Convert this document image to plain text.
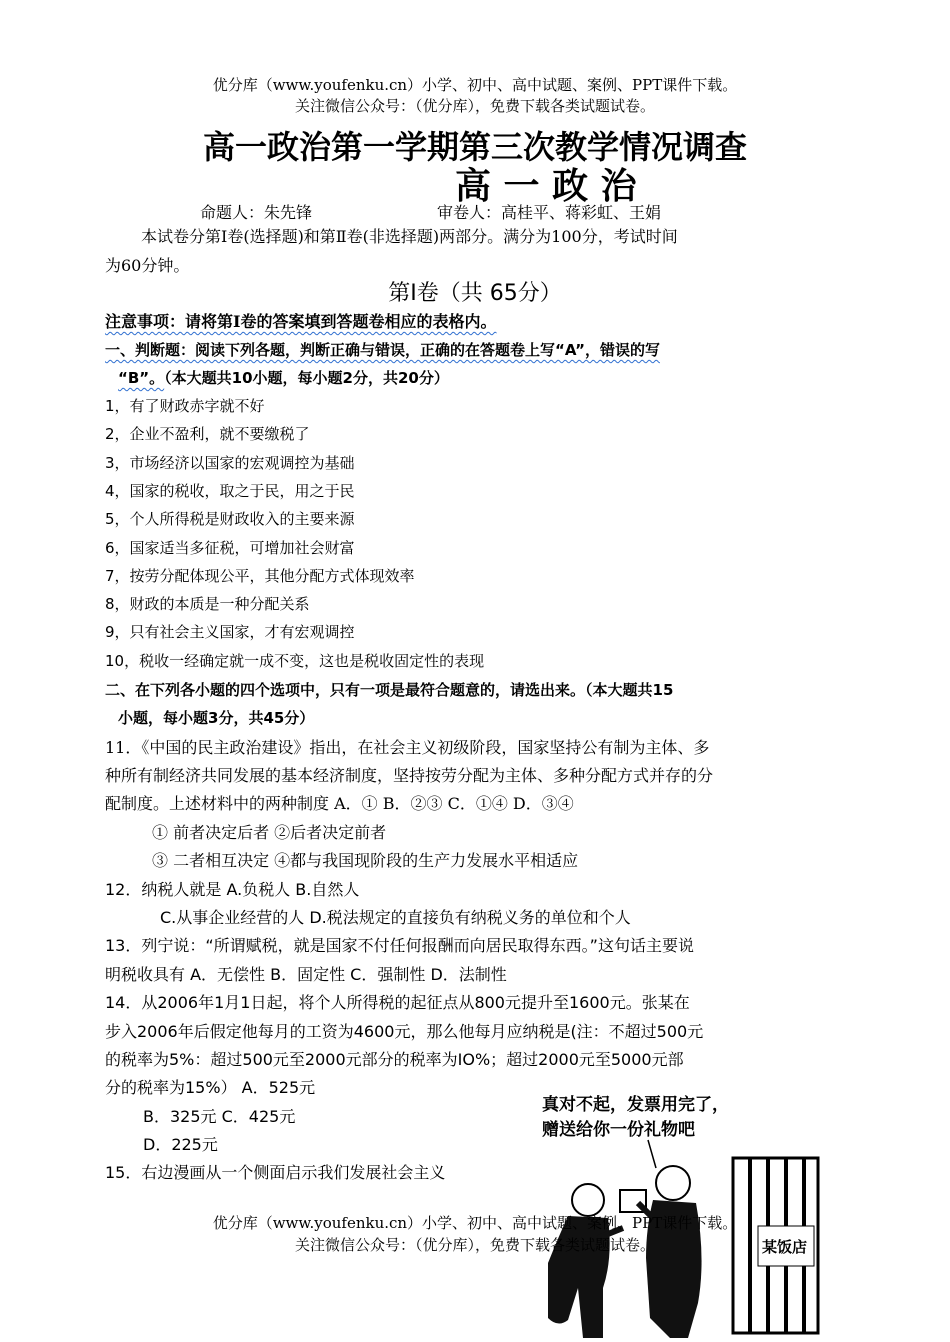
优分库（www.youfenku.cn）小学、初中、高中试题、案例、PPT课件下载。
关注微信公众号：（优分库），免费下载各类试题试卷。
高一政治第一学期第三次教学情况调查
高 一 政 治
命题人：朱先锋	审卷人：高桂平、蒋彩虹、王娟
本试卷分第Ⅰ卷(选择题)和第Ⅱ卷(非选择题)两部分。满分为100分，考试时间
为60分钟。
第Ⅰ卷（共 65分）
注意事项：请将第Ⅰ卷的答案填到答题卷相应的表格内。
一、判断题：阅读下列各题，判断正确与错误，正确的在答题卷上写“A”，错误的写
“B”。（本大题共10小题，每小题2分，共20分）
1，有了财政赤字就不好
2，企业不盈利，就不要缴税了
3，市场经济以国家的宏观调控为基础
4，国家的税收，取之于民，用之于民
5，个人所得税是财政收入的主要来源
6，国家适当多征税，可增加社会财富
7，按劳分配体现公平，其他分配方式体现效率
8，财政的本质是一种分配关系
9，只有社会主义国家，才有宏观调控
10，税收一经确定就一成不变，这也是税收固定性的表现
二、在下列各小题的四个选项中，只有一项是最符合题意的，请选出来。（本大题共15
小题，每小题3分，共45分）
11．《中国的民主政治建设》指出，在社会主义初级阶段，国家坚持公有制为主体、多
种所有制经济共同发展的基本经济制度，坚持按劳分配为主体、多种分配方式并存的分
配制度。上述材料中的两种制度 A．① B．②③ C．①④ D．③④
① 前者决定后者 ②后者决定前者
③ 二者相互决定 ④都与我国现阶段的生产力发展水平相适应
12．纳税人就是 A.负税人 B.自然人
C.从事企业经营的人 D.税法规定的直接负有纳税义务的单位和个人
13．列宁说：“所谓赋税，就是国家不付任何报酬而向居民取得东西。”这句话主要说
明税收具有 A．无偿性 B．固定性 C．强制性 D．法制性
14．从2006年1月1日起，将个人所得税的起征点从800元提升至1600元。张某在
步入2006年后假定他每月的工资为4600元，那么他每月应纳税是(注：不超过500元
的税率为5%：超过500元至2000元部分的税率为IO%；超过2000元至5000元部
分的税率为15%） A．525元
B．325元 C．425元
D．225元
15．右边漫画从一个侧面启示我们发展社会主义
真对不起，发票用完了，
赠送给你一份礼物吧
某饭店
优分库（www.youfenku.cn）小学、初中、高中试题、案例、PPT课件下载。
关注微信公众号：（优分库），免费下载各类试题试卷。
